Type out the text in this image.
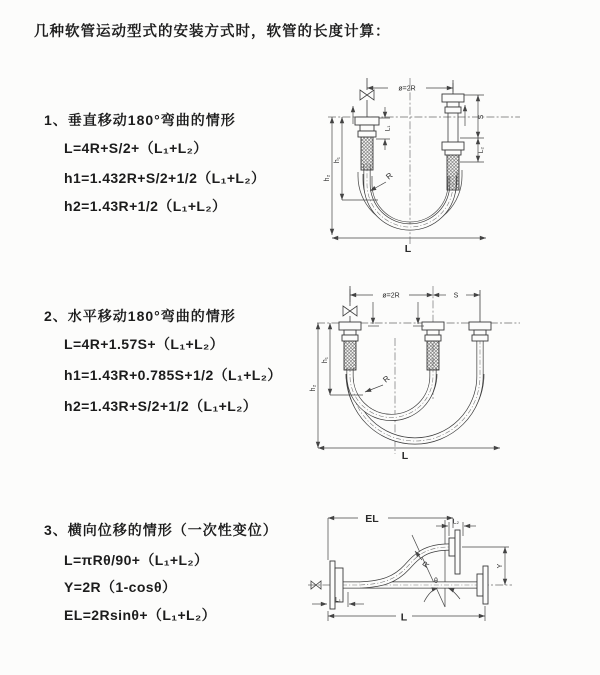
几种软管运动型式的安装方式时，软管的长度计算：
1、垂直移动180°弯曲的情形
L=4R+S/2+（L₁+L₂）
h1=1.432R+S/2+1/2（L₁+L₂）
h2=1.43R+1/2（L₁+L₂）
2、水平移动180°弯曲的情形
L=4R+1.57S+（L₁+L₂）
h1=1.43R+0.785S+1/2（L₁+L₂）
h2=1.43R+S/2+1/2（L₁+L₂）
3、横向位移的情形（一次性变位）
L=πRθ/90+（L₁+L₂）
Y=2R（1-cosθ）
EL=2Rsinθ+（L₁+L₂）
ø=2R
S
L₂
L₁
h₁
h₂
L
R
ø=2R	S
h₁
h₂
L
R
θ
EL	L₂
Y
L
L₁
R
